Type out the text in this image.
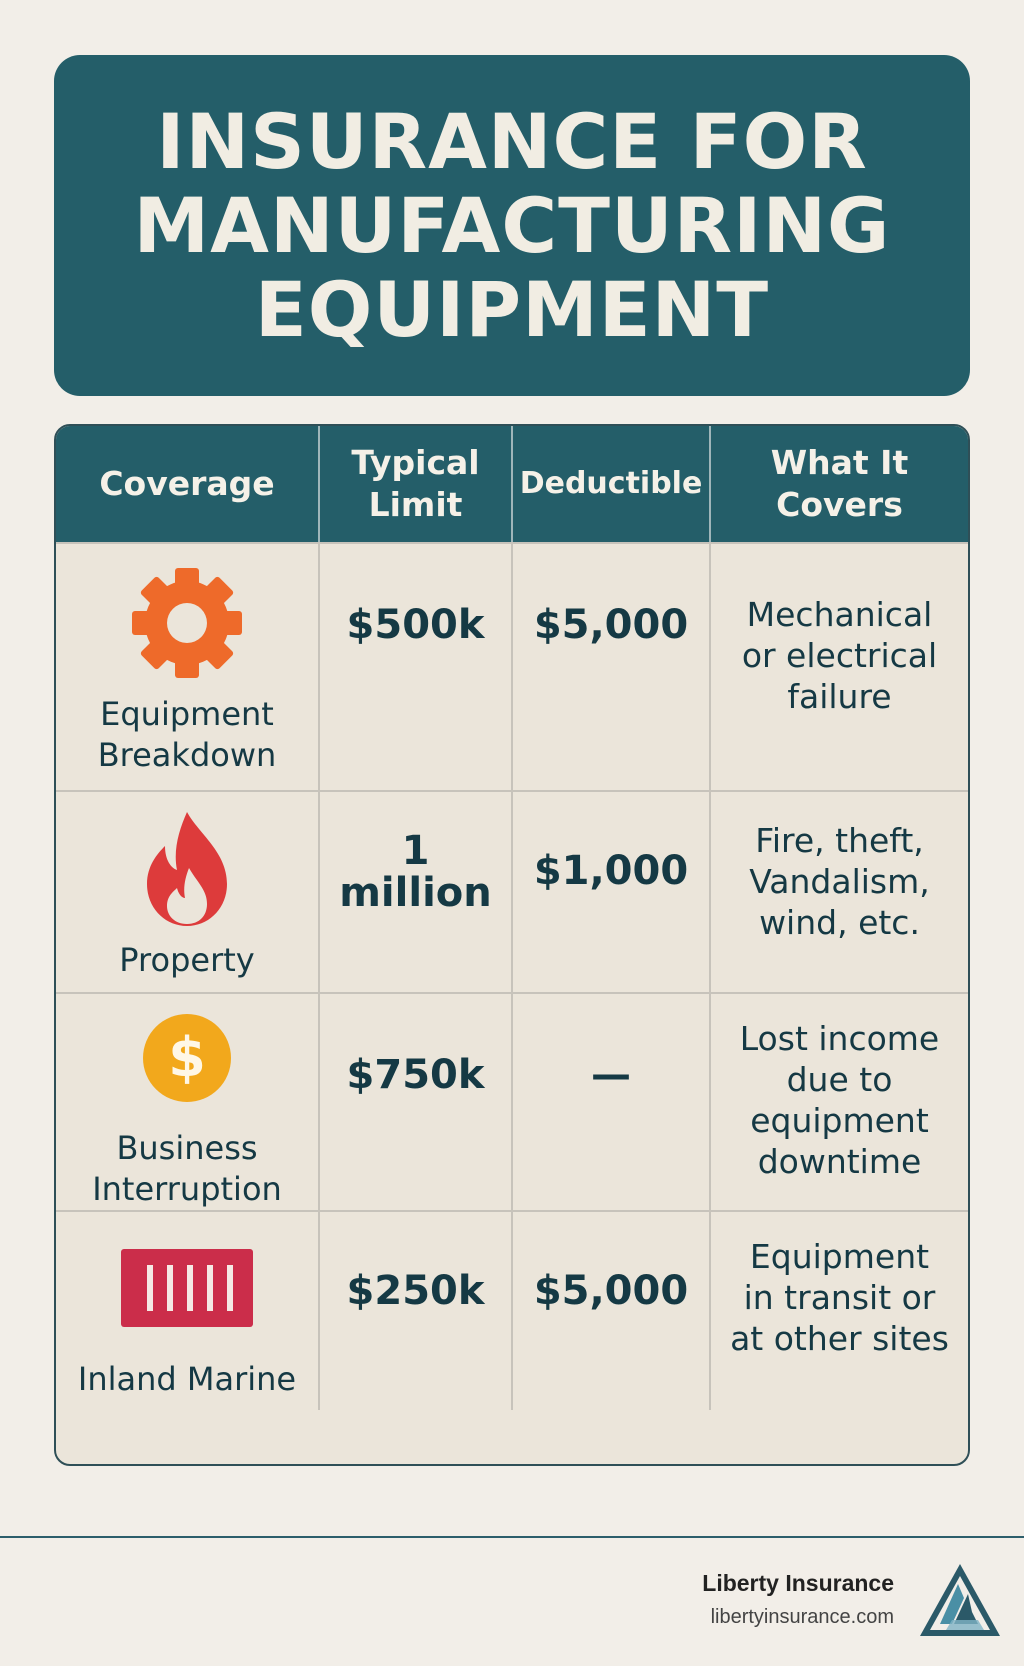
INSURANCE FOR
MANUFACTURING
EQUIPMENT
Coverage
Typical
Limit
Deductible
What It
Covers
Equipment
Breakdown
$500k $5,000 Mechanical
or electrical
failure
Property
1
million $1,000
Fire, theft,
Vandalism,
wind, etc.
$
Business
Interruption
$750k	—
Lost income
due to
equipment
downtime
Inland Marine
$250k $5,000
Equipment
in transit or
at other sites
Liberty Insurance
libertyinsurance.com
